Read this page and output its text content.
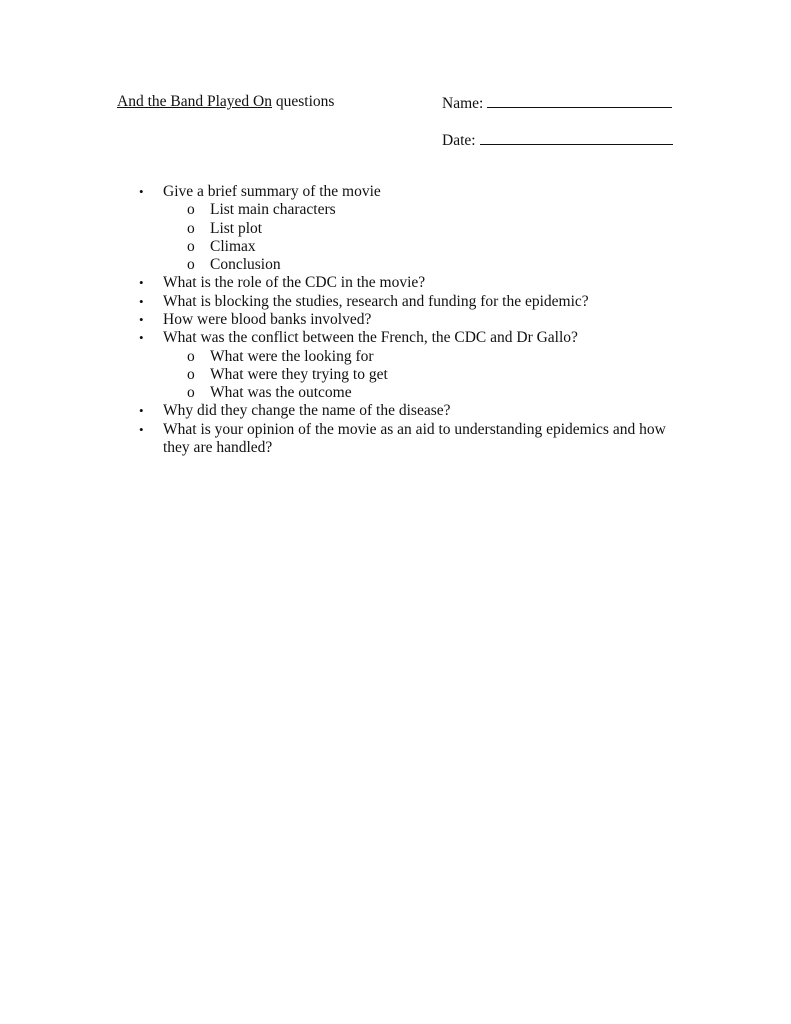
And the Band Played On questions	Name:
Date:
•	Give a brief summary of the movie
o List main characters
o List plot
o Climax
o Conclusion
•	What is the role of the CDC in the movie?
•	What is blocking the studies, research and funding for the epidemic?
•	How were blood banks involved?
•	What was the conflict between the French, the CDC and Dr Gallo?
o What were the looking for
o What were they trying to get
o What was the outcome
•	Why did they change the name of the disease?
•	What is your opinion of the movie as an aid to understanding epidemics and how they are handled?
